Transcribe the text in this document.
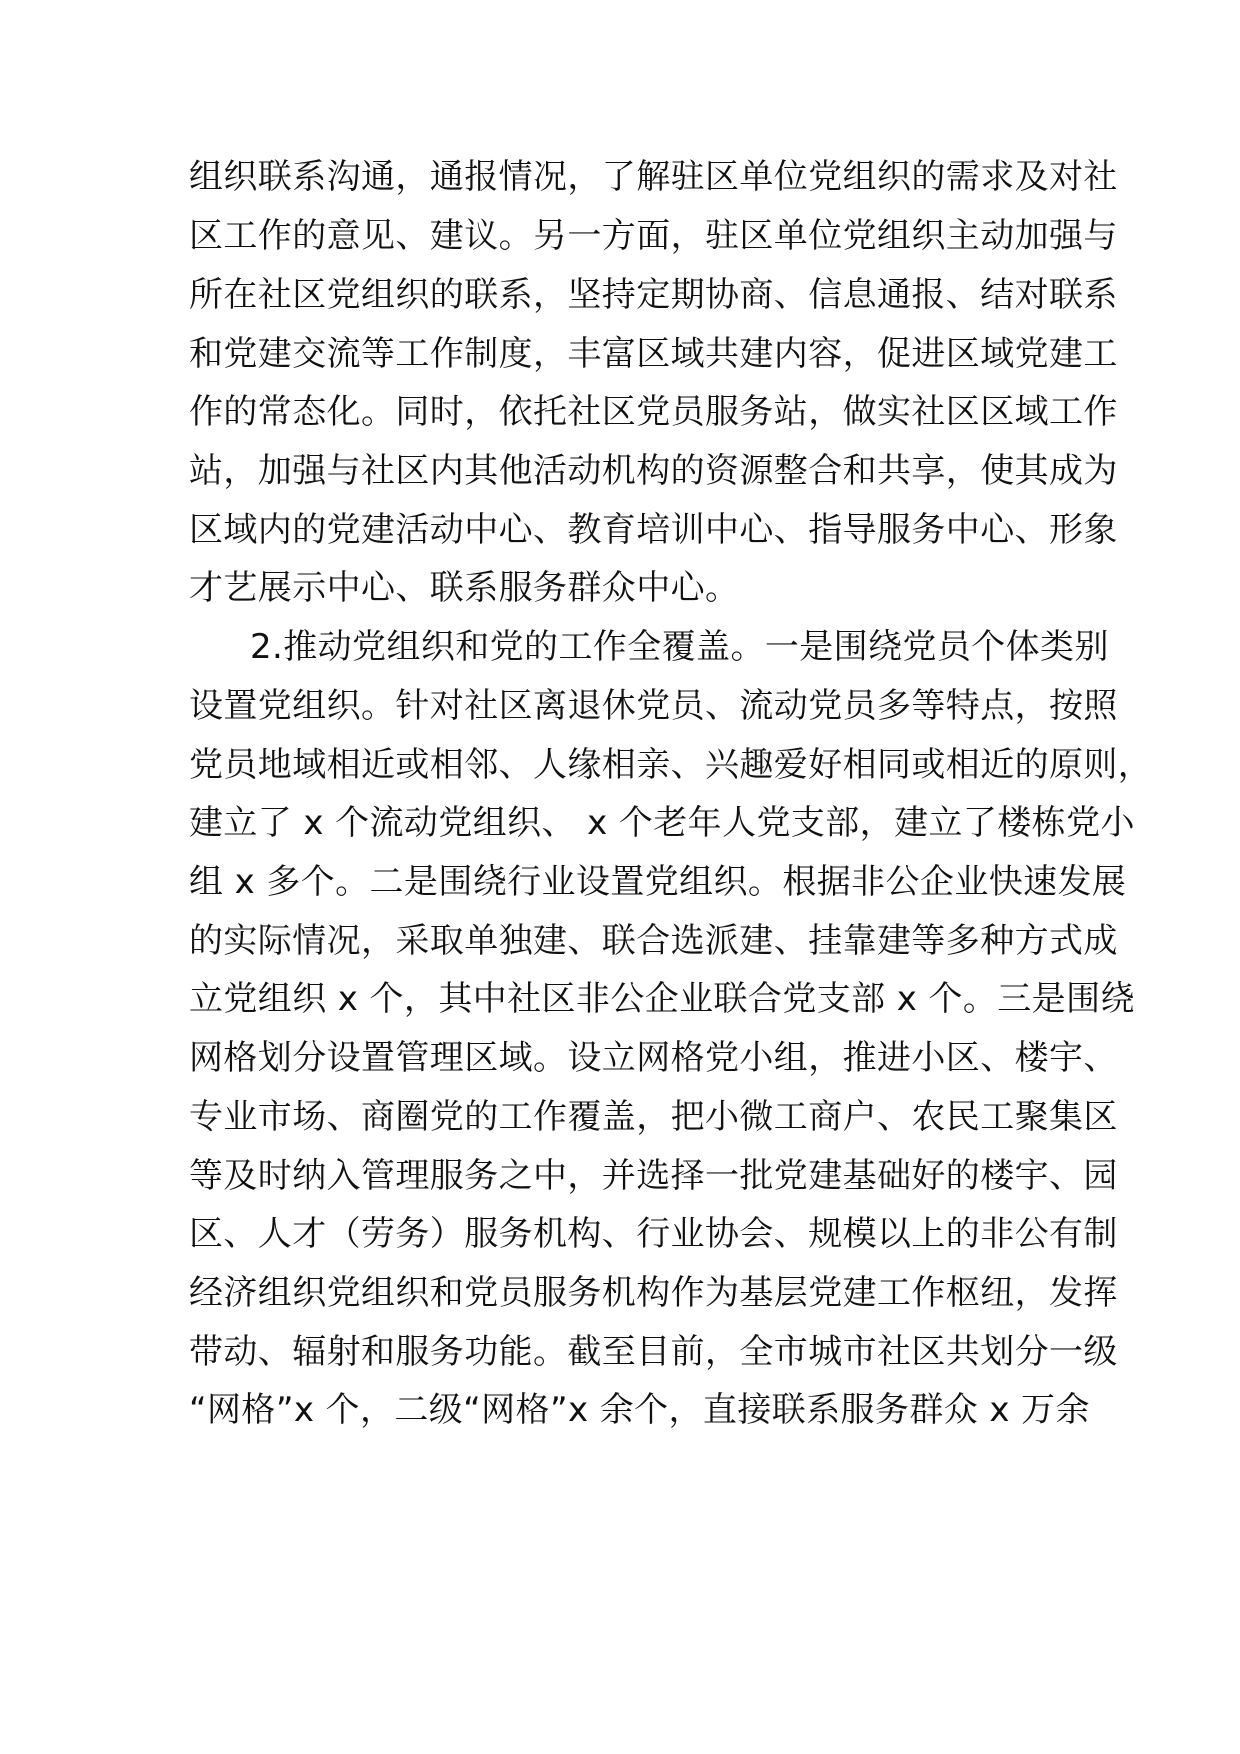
组织联系沟通，通报情况，了解驻区单位党组织的需求及对社
区工作的意见、建议。另一方面，驻区单位党组织主动加强与
所在社区党组织的联系，坚持定期协商、信息通报、结对联系
和党建交流等工作制度，丰富区域共建内容，促进区域党建工
作的常态化。同时，依托社区党员服务站，做实社区区域工作
站，加强与社区内其他活动机构的资源整合和共享，使其成为
区域内的党建活动中心、教育培训中心、指导服务中心、形象
才艺展示中心、联系服务群众中心。
2.推动党组织和党的工作全覆盖。一是围绕党员个体类别
设置党组织。针对社区离退休党员、流动党员多等特点，按照
党员地域相近或相邻、人缘相亲、兴趣爱好相同或相近的原则，
建立了 x 个流动党组织、 x 个老年人党支部，建立了楼栋党小
组 x 多个。二是围绕行业设置党组织。根据非公企业快速发展
的实际情况，采取单独建、联合选派建、挂靠建等多种方式成
立党组织 x 个，其中社区非公企业联合党支部 x 个。三是围绕
网格划分设置管理区域。设立网格党小组，推进小区、楼宇、
专业市场、商圈党的工作覆盖，把小微工商户、农民工聚集区
等及时纳入管理服务之中，并选择一批党建基础好的楼宇、园
区、人才（劳务）服务机构、行业协会、规模以上的非公有制
经济组织党组织和党员服务机构作为基层党建工作枢纽，发挥
带动、辐射和服务功能。截至目前，全市城市社区共划分一级
“网格”x 个，二级“网格”x 余个，直接联系服务群众 x 万余
